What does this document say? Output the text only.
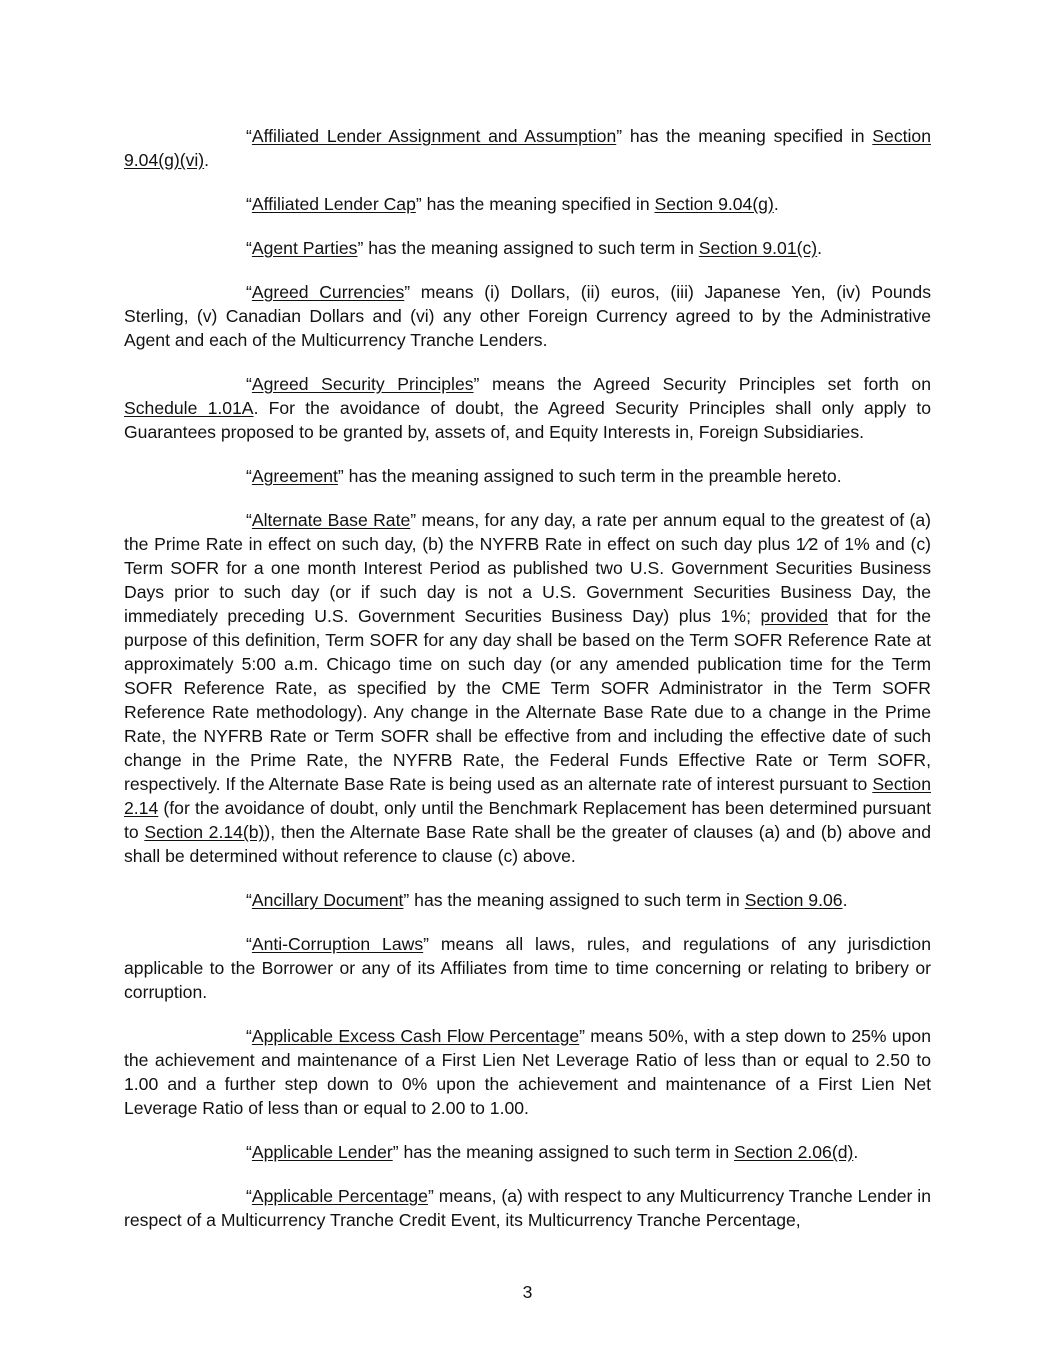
“Affiliated Lender Assignment and Assumption” has the meaning specified in Section 9.04(g)(vi).

“Affiliated Lender Cap” has the meaning specified in Section 9.04(g).

“Agent Parties” has the meaning assigned to such term in Section 9.01(c).

“Agreed Currencies” means (i) Dollars, (ii) euros, (iii) Japanese Yen, (iv) Pounds Sterling, (v) Canadian Dollars and (vi) any other Foreign Currency agreed to by the Administrative Agent and each of the Multicurrency Tranche Lenders.

“Agreed Security Principles” means the Agreed Security Principles set forth on Schedule 1.01A. For the avoidance of doubt, the Agreed Security Principles shall only apply to Guarantees proposed to be granted by, assets of, and Equity Interests in, Foreign Subsidiaries.

“Agreement” has the meaning assigned to such term in the preamble hereto.

“Alternate Base Rate” means, for any day, a rate per annum equal to the greatest of (a) the Prime Rate in effect on such day, (b) the NYFRB Rate in effect on such day plus 1⁄2 of 1% and (c) Term SOFR for a one month Interest Period as published two U.S. Government Securities Business Days prior to such day (or if such day is not a U.S. Government Securities Business Day, the immediately preceding U.S. Government Securities Business Day) plus 1%; provided that for the purpose of this definition, Term SOFR for any day shall be based on the Term SOFR Reference Rate at approximately 5:00 a.m. Chicago time on such day (or any amended publication time for the Term SOFR Reference Rate, as specified by the CME Term SOFR Administrator in the Term SOFR Reference Rate methodology). Any change in the Alternate Base Rate due to a change in the Prime Rate, the NYFRB Rate or Term SOFR shall be effective from and including the effective date of such change in the Prime Rate, the NYFRB Rate, the Federal Funds Effective Rate or Term SOFR, respectively. If the Alternate Base Rate is being used as an alternate rate of interest pursuant to Section 2.14 (for the avoidance of doubt, only until the Benchmark Replacement has been determined pursuant to Section 2.14(b)), then the Alternate Base Rate shall be the greater of clauses (a) and (b) above and shall be determined without reference to clause (c) above.

“Ancillary Document” has the meaning assigned to such term in Section 9.06.

“Anti-Corruption Laws” means all laws, rules, and regulations of any jurisdiction applicable to the Borrower or any of its Affiliates from time to time concerning or relating to bribery or corruption.

“Applicable Excess Cash Flow Percentage” means 50%, with a step down to 25% upon the achievement and maintenance of a First Lien Net Leverage Ratio of less than or equal to 2.50 to 1.00 and a further step down to 0% upon the achievement and maintenance of a First Lien Net Leverage Ratio of less than or equal to 2.00 to 1.00.

“Applicable Lender” has the meaning assigned to such term in Section 2.06(d).

“Applicable Percentage” means, (a) with respect to any Multicurrency Tranche Lender in respect of a Multicurrency Tranche Credit Event, its Multicurrency Tranche Percentage,

3
